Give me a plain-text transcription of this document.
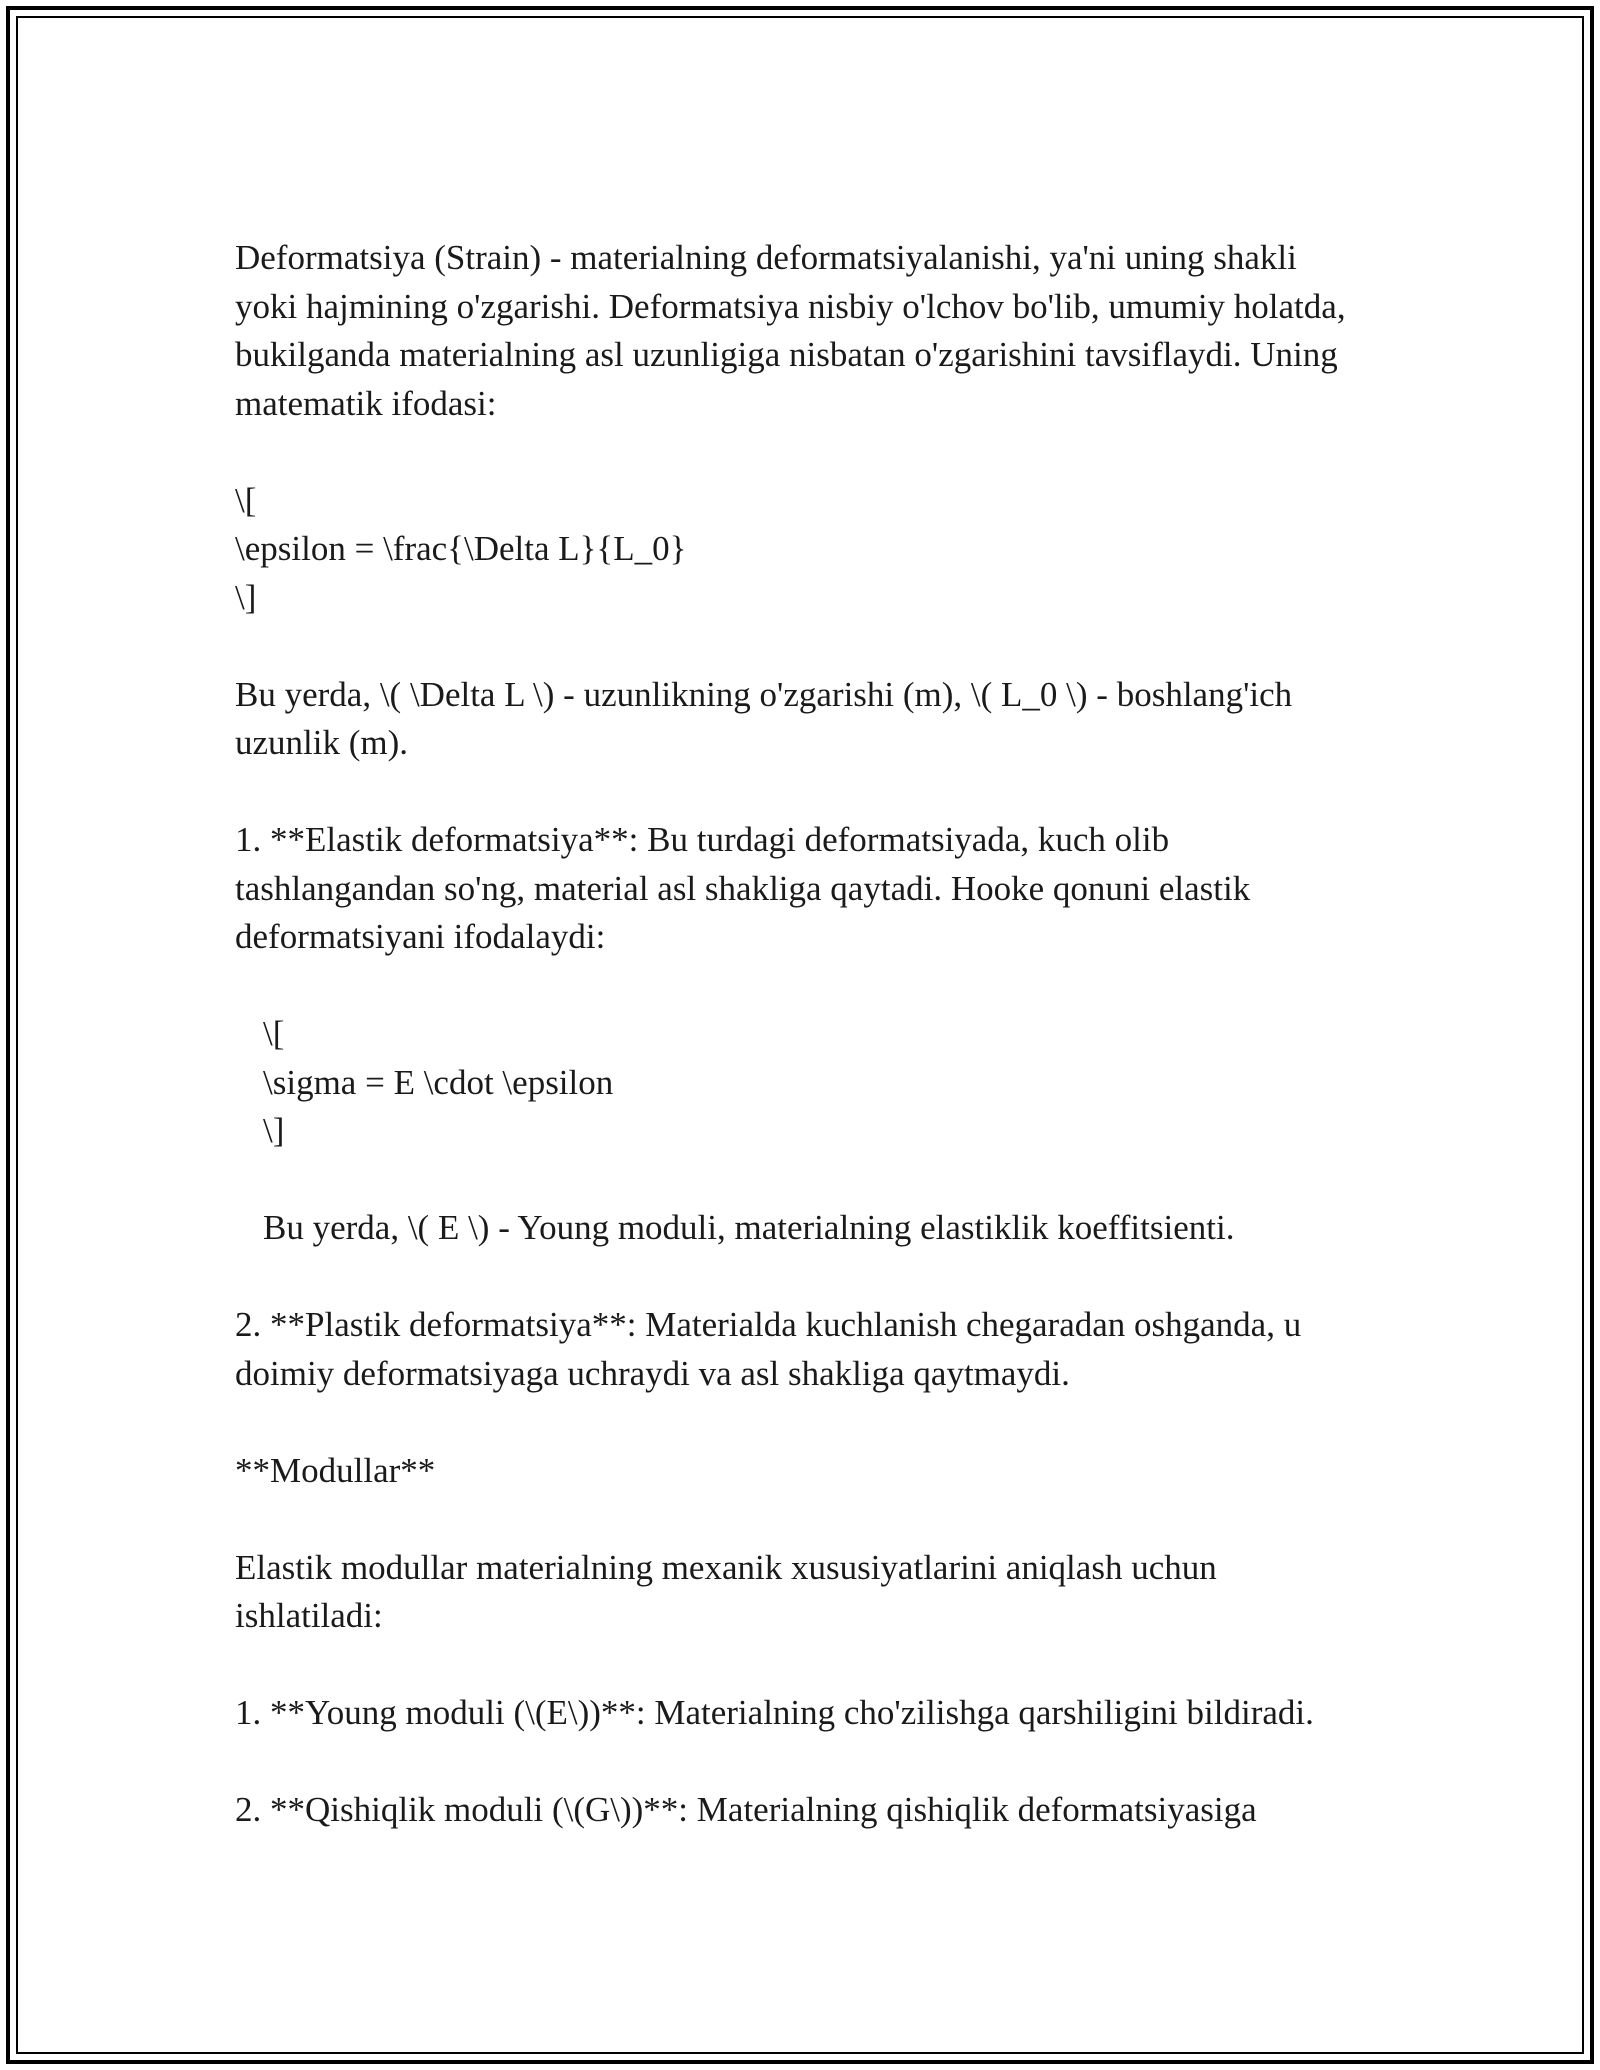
Deformatsiya (Strain) - materialning deformatsiyalanishi, ya'ni uning shakli yoki hajmining o'zgarishi. Deformatsiya nisbiy o'lchov bo'lib, umumiy holatda, bukilganda materialning asl uzunligiga nisbatan o'zgarishini tavsiflaydi. Uning matematik ifodasi:

\[

\epsilon = \frac{\Delta L}{L_0}

\]

Bu yerda, \( \Delta L \) - uzunlikning o'zgarishi (m), \( L_0 \) - boshlang'ich uzunlik (m).

1. **Elastik deformatsiya**: Bu turdagi deformatsiyada, kuch olib tashlangandan so'ng, material asl shakliga qaytadi. Hooke qonuni elastik deformatsiyani ifodalaydi:

\[

\sigma = E \cdot \epsilon

\]

Bu yerda, \( E \) - Young moduli, materialning elastiklik koeffitsienti.

2. **Plastik deformatsiya**: Materialda kuchlanish chegaradan oshganda, u doimiy deformatsiyaga uchraydi va asl shakliga qaytmaydi.

**Modullar**

Elastik modullar materialning mexanik xususiyatlarini aniqlash uchun ishlatiladi:

1. **Young moduli (\(E\))**: Materialning cho'zilishga qarshiligini bildiradi.

2. **Qishiqlik moduli (\(G\))**: Materialning qishiqlik deformatsiyasiga
